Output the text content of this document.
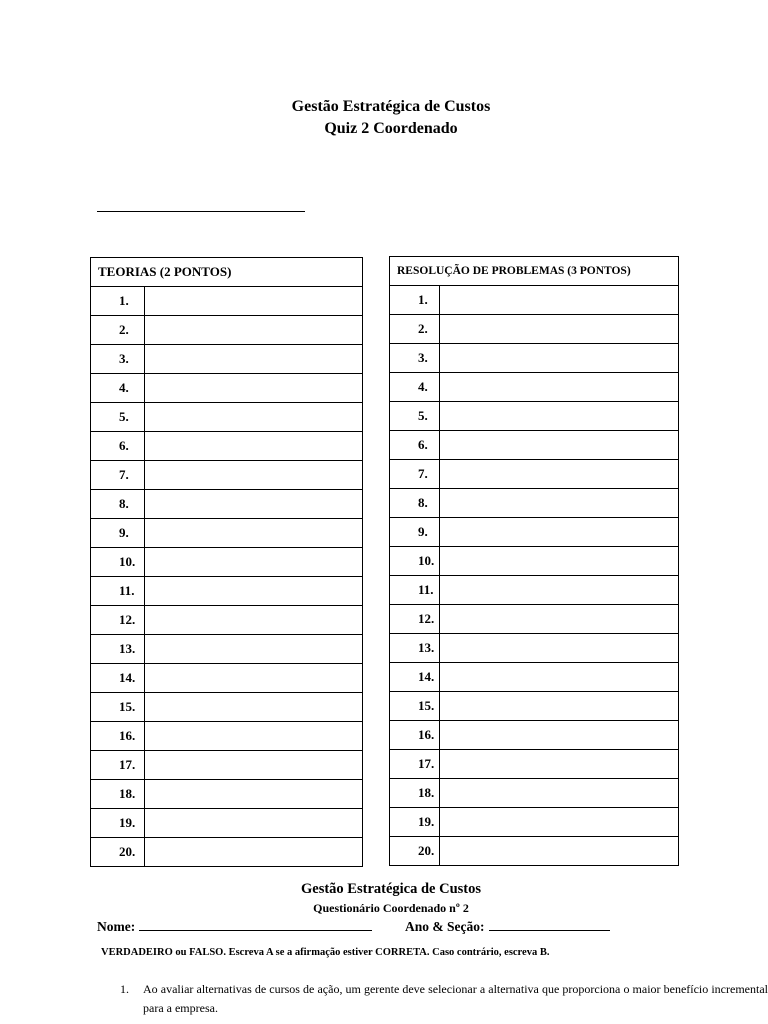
Gestão Estratégica de Custos
Quiz 2 Coordenado
TEORIAS (2 PONTOS)	
1.	
2.	
3.	
4.	
5.	
6.	
7.	
8.	
9.	
10.	
11.	
12.	
13.	
14.	
15.	
16.	
17.	
18.	
19.	
20.	
RESOLUÇÃO DE PROBLEMAS (3 PONTOS)	
1.	
2.	
3.	
4.	
5.	
6.	
7.	
8.	
9.	
10.	
11.	
12.	
13.	
14.	
15.	
16.	
17.	
18.	
19.	
20.	
Gestão Estratégica de Custos
Questionário Coordenado nº 2
Nome:	Ano & Seção:
VERDADEIRO ou FALSO. Escreva A se a afirmação estiver CORRETA. Caso contrário, escreva B.
1. Ao avaliar alternativas de cursos de ação, um gerente deve selecionar a alternativa que proporciona o maior benefício incremental para a empresa.
